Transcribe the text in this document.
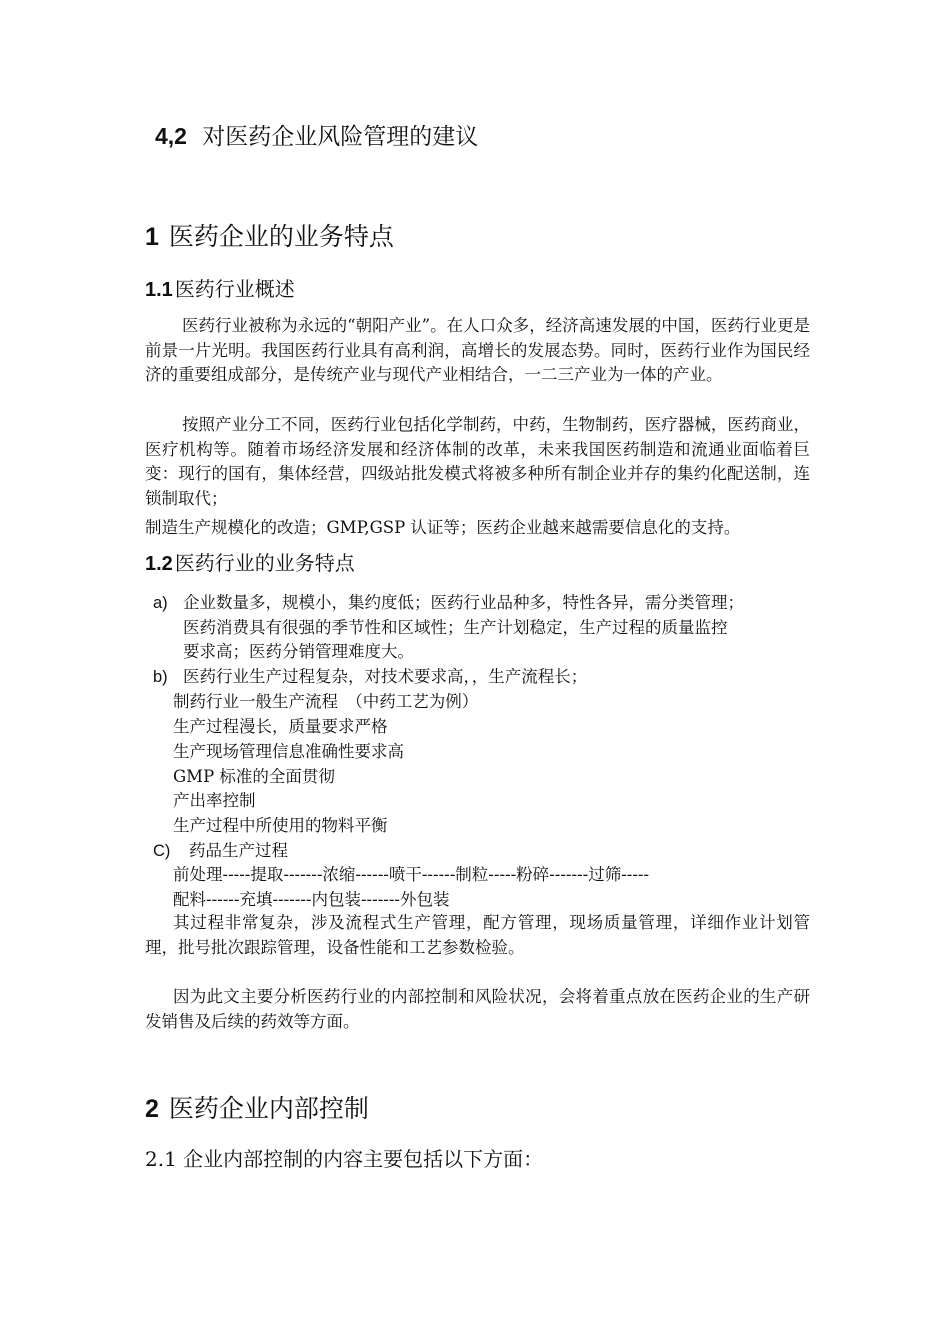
4,2 对医药企业风险管理的建议
1 医药企业的业务特点
1.1 医药行业概述
医药行业被称为永远的“朝阳产业”。在人口众多，经济高速发展的中国，医药行业更是前景一片光明。我国医药行业具有高利润，高增长的发展态势。同时，医药行业作为国民经济的重要组成部分，是传统产业与现代产业相结合，一二三产业为一体的产业。
按照产业分工不同，医药行业包括化学制药，中药，生物制药，医疗器械，医药商业，医疗机构等。随着市场经济发展和经济体制的改革，未来我国医药制造和流通业面临着巨变：现行的国有，集体经营，四级站批发模式将被多种所有制企业并存的集约化配送制，连锁制取代；
制造生产规模化的改造；GMP,GSP 认证等；医药企业越来越需要信息化的支持。
1.2 医药行业的业务特点
a) 企业数量多，规模小，集约度低；医药行业品种多，特性各异，需分类管理；
医药消费具有很强的季节性和区域性；生产计划稳定，生产过程的质量监控
要求高；医药分销管理难度大。
b) 医药行业生产过程复杂，对技术要求高，，生产流程长；
制药行业一般生产流程　（中药工艺为例）
生产过程漫长，质量要求严格
生产现场管理信息准确性要求高
GMP 标准的全面贯彻
产出率控制
生产过程中所使用的物料平衡
C) 药品生产过程
前处理-----提取-------浓缩------喷干------制粒-----粉碎-------过筛-----
配料------充填-------内包装-------外包装
其过程非常复杂，涉及流程式生产管理，配方管理，现场质量管理，详细作业计划管理，批号批次跟踪管理，设备性能和工艺参数检验。
因为此文主要分析医药行业的内部控制和风险状况，会将着重点放在医药企业的生产研发销售及后续的药效等方面。
2 医药企业内部控制
2.1 企业内部控制的内容主要包括以下方面：
